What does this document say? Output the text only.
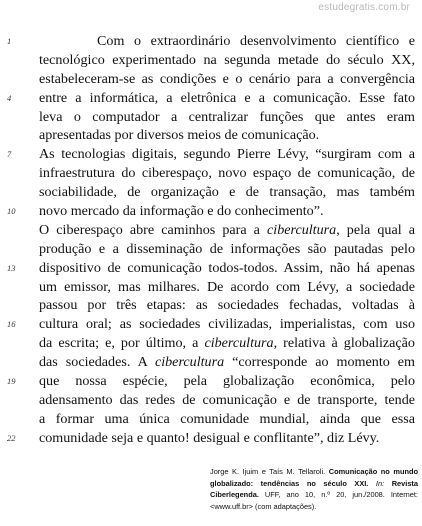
estudegratis.com.br
1	Com o extraordinário desenvolvimento científico e
tecnológico experimentado na segunda metade do século XX,
estabeleceram-se as condições e o cenário para a convergência
4	entre a informática, a eletrônica e a comunicação. Esse fato
leva o computador a centralizar funções que antes eram
apresentadas por diversos meios de comunicação.
7	As tecnologias digitais, segundo Pierre Lévy, “surgiram com a
infraestrutura do ciberespaço, novo espaço de comunicação, de
sociabilidade, de organização e de transação, mas também
10	novo mercado da informação e do conhecimento”.
O ciberespaço abre caminhos para a cibercultura, pela qual a
produção e a disseminação de informações são pautadas pelo
13	dispositivo de comunicação todos-todos. Assim, não há apenas
um emissor, mas milhares. De acordo com Lévy, a sociedade
passou por três etapas: as sociedades fechadas, voltadas à
16	cultura oral; as sociedades civilizadas, imperialistas, com uso
da escrita; e, por último, a cibercultura, relativa à globalização
das sociedades. A cibercultura “corresponde ao momento em
19	que nossa espécie, pela globalização econômica, pelo
adensamento das redes de comunicação e de transporte, tende
a formar uma única comunidade mundial, ainda que essa
22	comunidade seja e quanto! desigual e conflitante”, diz Lévy.
Jorge K. Ijuim e Taís M. Tellaroli. Comunicação no mundo globalizado: tendências no século XXI. In: Revista Ciberlegenda. UFF, ano 10, n.º 20, jun./2008. Internet: <www.uff.br> (com adaptações).
